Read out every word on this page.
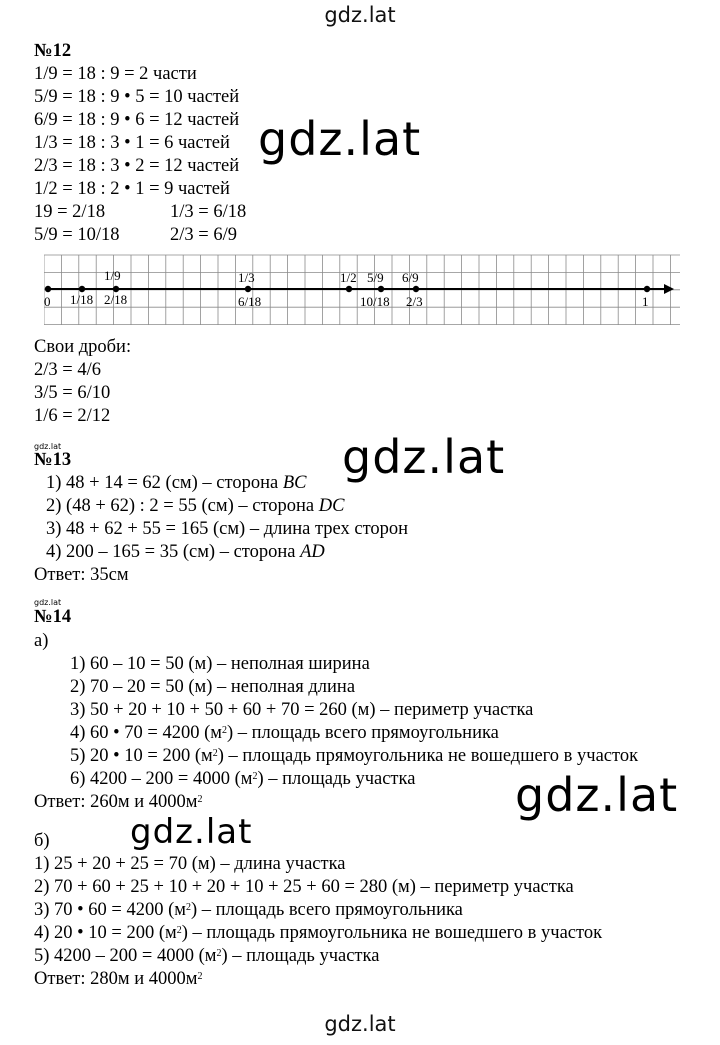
gdz.lat
gdz.lat
gdz.lat
gdz.lat
gdz.lat
gdz.lat
gdz.lat
gdz.lat
№12
1/9 = 18 : 9 = 2 части
5/9 = 18 : 9 • 5 = 10 частей
6/9 = 18 : 9 • 6 = 12 частей
1/3 = 18 : 3 • 1 = 6 частей
2/3 = 18 : 3 • 2 = 12 частей
1/2 = 18 : 2 • 1 = 9 частей
19 = 2/18	1/3 = 6/18
5/9 = 10/18	2/3 = 6/9
1/9	1/3	1/2 5/9 6/9
0 1/18 2/18	6/18	10/18 2/3	1
Свои дроби:
2/3 = 4/6
3/5 = 6/10
1/6 = 2/12
№13
1) 48 + 14 = 62 (см) – сторона BC
2) (48 + 62) : 2 = 55 (см) – сторона DC
3) 48 + 62 + 55 = 165 (см) – длина трех сторон
4) 200 – 165 = 35 (см) – сторона AD
Ответ: 35см
№14
а)
1) 60 – 10 = 50 (м) – неполная ширина
2) 70 – 20 = 50 (м) – неполная длина
3) 50 + 20 + 10 + 50 + 60 + 70 = 260 (м) – периметр участка
4) 60 • 70 = 4200 $(м^2)$ – площадь всего прямоугольника
5) 20 • 10 = 200 $(м^2)$ – площадь прямоугольника не вошедшего в участок
6) 4200 – 200 = 4000 $(м^2)$ – площадь участка
Ответ: 260м и $4000м^2$
б)
1) 25 + 20 + 25 = 70 (м) – длина участка
2) 70 + 60 + 25 + 10 + 20 + 10 + 25 + 60 = 280 (м) – периметр участка
3) 70 • 60 = 4200 $(м^2)$ – площадь всего прямоугольника
4) 20 • 10 = 200 $(м^2)$ – площадь прямоугольника не вошедшего в участок
5) 4200 – 200 = 4000 $(м^2)$ – площадь участка
Ответ: 280м и $4000м^2$
